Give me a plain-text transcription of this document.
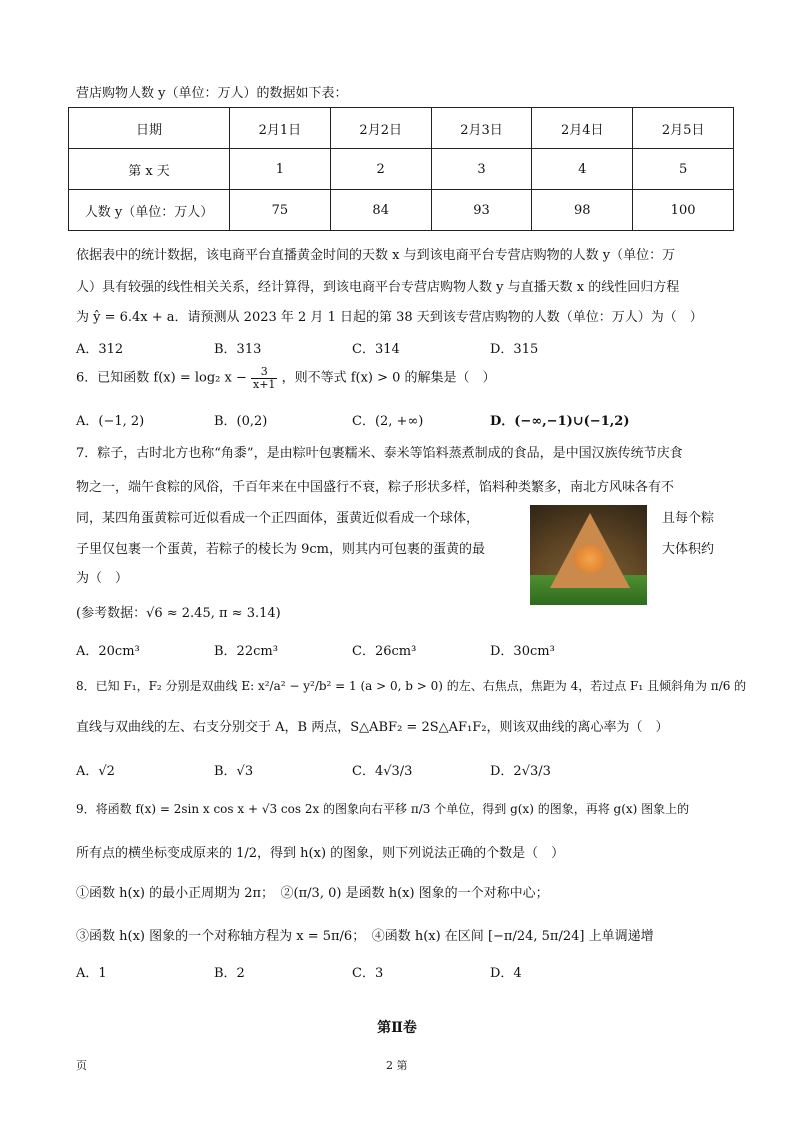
营店购物人数 y（单位：万人）的数据如下表：
日期	2月1日	2月2日	2月3日	2月4日	2月5日
第 x 天	1	2	3	4	5
人数 y（单位：万人）	75	84	93	98	100
依据表中的统计数据，该电商平台直播黄金时间的天数 x 与到该电商平台专营店购物的人数 y（单位：万
人）具有较强的线性相关关系，经计算得，到该电商平台专营店购物人数 y 与直播天数 x 的线性回归方程
为 ŷ = 6.4x + a．请预测从 2023 年 2 月 1 日起的第 38 天到该专营店购物的人数（单位：万人）为（　）
A．312	B．313	C．314	D．315
6．已知函数 f(x) = log₂ $x - \frac{3}{x+1}$ ，则不等式 f(x) > 0 的解集是（　）
A．(−1, 2)	B．(0,2)	C．(2, +∞)	D．(−∞,−1)∪(−1,2)
7．粽子，古时北方也称“角黍”，是由粽叶包裹糯米、泰米等馅料蒸煮制成的食品，是中国汉族传统节庆食
物之一，端午食粽的风俗，千百年来在中国盛行不衰，粽子形状多样，馅料种类繁多，南北方风味各有不
同，某四角蛋黄粽可近似看成一个正四面体，蛋黄近似看成一个球体，	且每个粽
子里仅包裹一个蛋黄，若粽子的棱长为 9cm，则其内可包裹的蛋黄的最	大体积约
为（　）
(参考数据：√6 ≈ 2.45, π ≈ 3.14)
A．20cm³	B．22cm³	C．26cm³	D．30cm³
8．已知 F₁，F₂ 分别是双曲线 E: x²/a² − y²/b² = 1 (a > 0, b > 0) 的左、右焦点，焦距为 4，若过点 F₁ 且倾斜角为 π/6 的
直线与双曲线的左、右支分别交于 A，B 两点，S△ABF₂ = 2S△AF₁F₂，则该双曲线的离心率为（　）
A．√2	B．√3	C．4√3/3	D．2√3/3
9．将函数 f(x) = 2sin x cos x + √3 cos 2x 的图象向右平移 π/3 个单位，得到 g(x) 的图象，再将 g(x) 图象上的
所有点的横坐标变成原来的 1/2，得到 h(x) 的图象，则下列说法正确的个数是（　）
①函数 h(x) 的最小正周期为 2π；　②(π/3, 0) 是函数 h(x) 图象的一个对称中心；
③函数 h(x) 图象的一个对称轴方程为 x = 5π/6；　④函数 h(x) 在区间 [−π/24, 5π/24] 上单调递增
A．1	B．2	C．3	D．4
第Ⅱ卷
页	2 第
